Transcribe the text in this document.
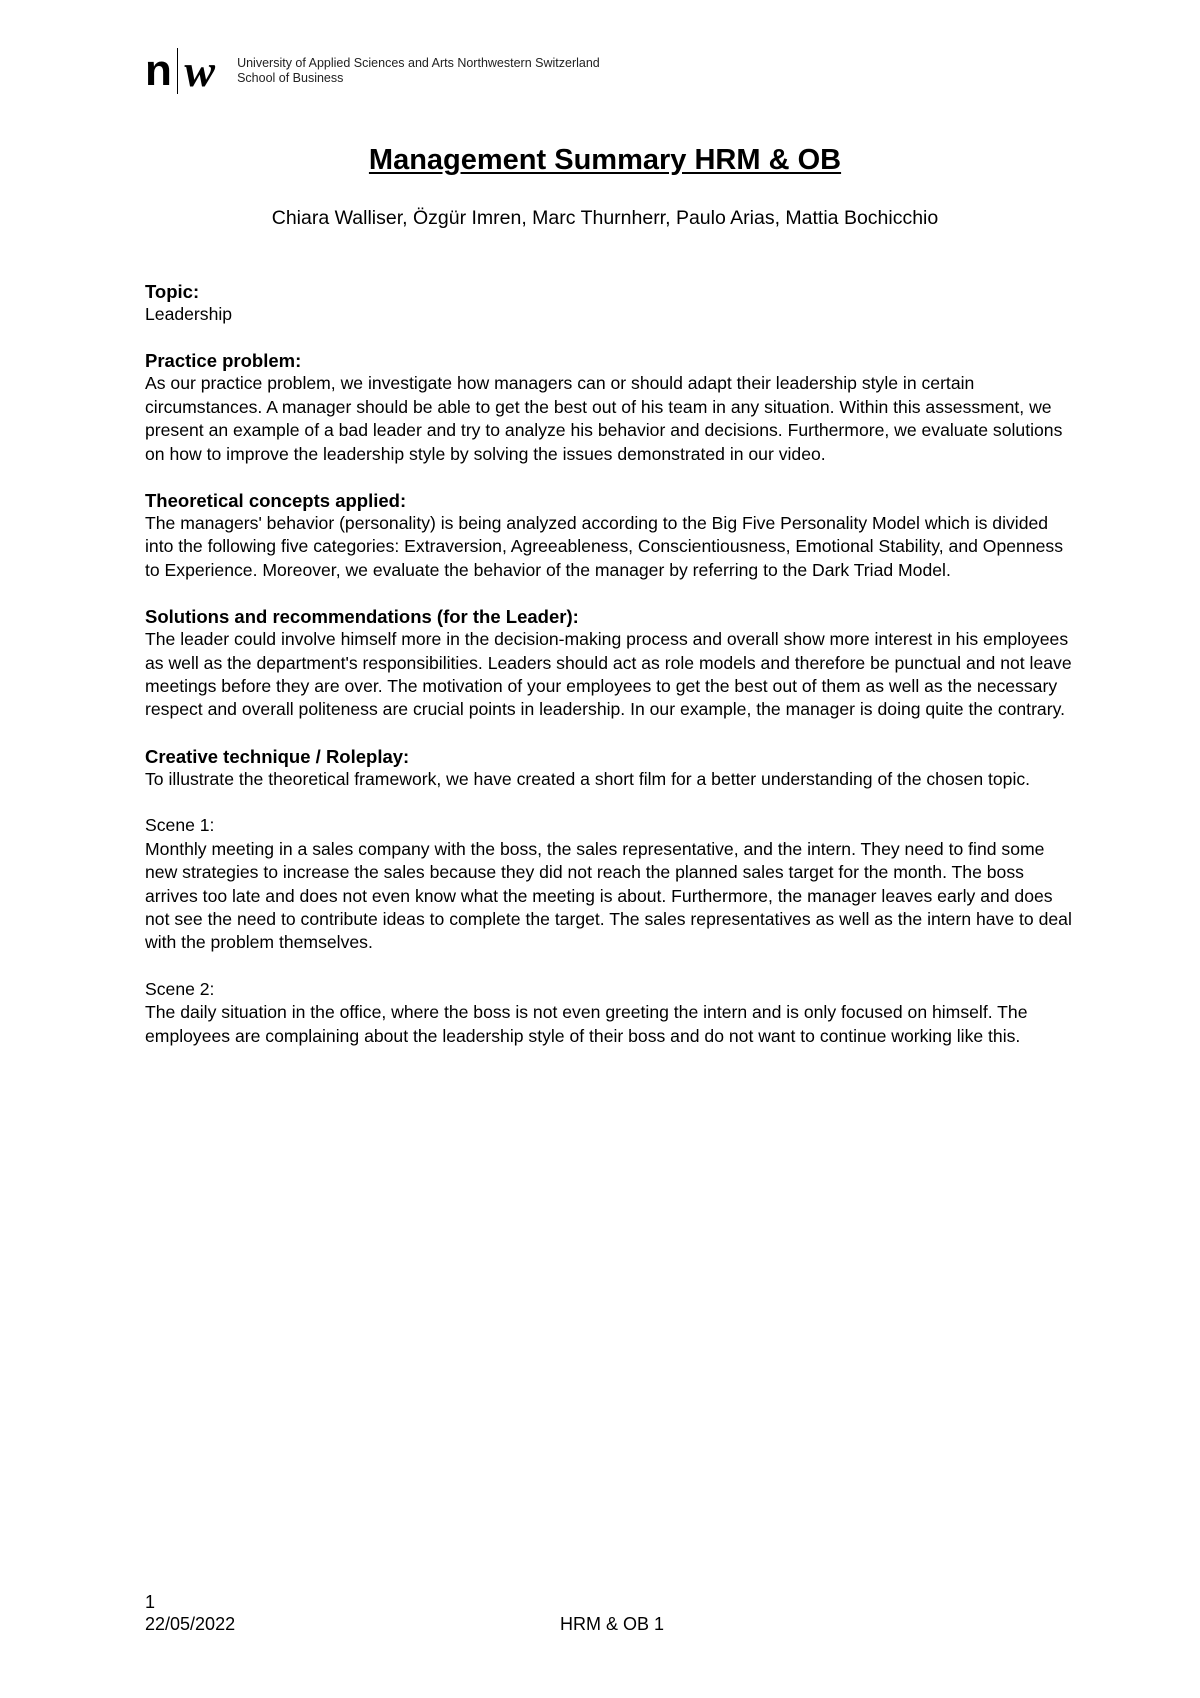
n w University of Applied Sciences and Arts Northwestern Switzerland
School of Business
Management Summary HRM & OB

Chiara Walliser, Özgür Imren, Marc Thurnherr, Paulo Arias, Mattia Bochicchio

Topic:

Leadership

Practice problem:

As our practice problem, we investigate how managers can or should adapt their leadership style in certain circumstances. A manager should be able to get the best out of his team in any situation. Within this assessment, we present an example of a bad leader and try to analyze his behavior and decisions. Furthermore, we evaluate solutions on how to improve the leadership style by solving the issues demonstrated in our video.

Theoretical concepts applied:

The managers' behavior (personality) is being analyzed according to the Big Five Personality Model which is divided into the following five categories: Extraversion, Agreeableness, Conscientiousness, Emotional Stability, and Openness to Experience. Moreover, we evaluate the behavior of the manager by referring to the Dark Triad Model.

Solutions and recommendations (for the Leader):

The leader could involve himself more in the decision-making process and overall show more interest in his employees as well as the department's responsibilities. Leaders should act as role models and therefore be punctual and not leave meetings before they are over. The motivation of your employees to get the best out of them as well as the necessary respect and overall politeness are crucial points in leadership. In our example, the manager is doing quite the contrary.

Creative technique / Roleplay:

To illustrate the theoretical framework, we have created a short film for a better understanding of the chosen topic.

Scene 1:

Monthly meeting in a sales company with the boss, the sales representative, and the intern. They need to find some new strategies to increase the sales because they did not reach the planned sales target for the month. The boss arrives too late and does not even know what the meeting is about. Furthermore, the manager leaves early and does not see the need to contribute ideas to complete the target. The sales representatives as well as the intern have to deal with the problem themselves.

Scene 2:

The daily situation in the office, where the boss is not even greeting the intern and is only focused on himself. The employees are complaining about the leadership style of their boss and do not want to continue working like this.

1

22/05/2022	HRM & OB 1
